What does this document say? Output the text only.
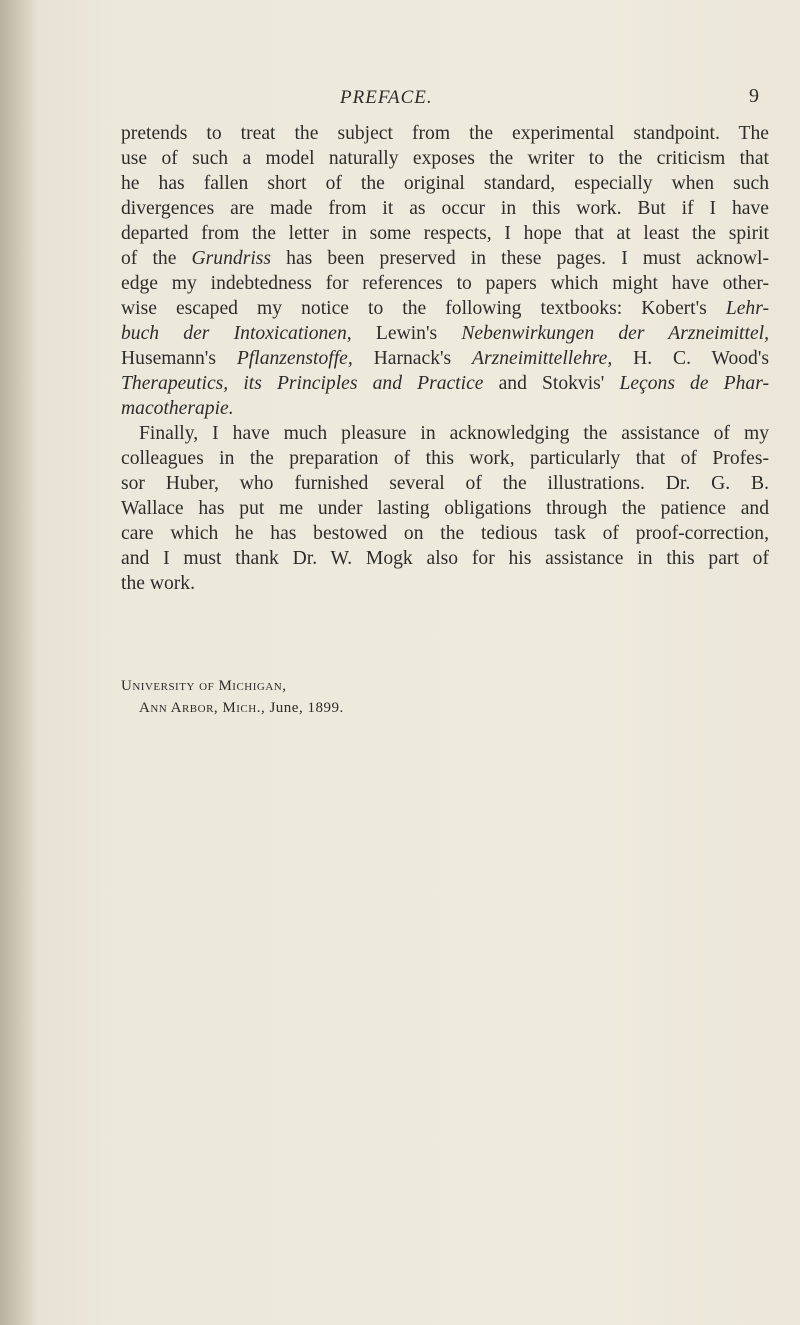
PREFACE.	9
pretends to treat the subject from the experimental standpoint. The
use of such a model naturally exposes the writer to the criticism that
he has fallen short of the original standard, especially when such
divergences are made from it as occur in this work. But if I have
departed from the letter in some respects, I hope that at least the spirit
of the Grundriss has been preserved in these pages. I must acknowl-
edge my indebtedness for references to papers which might have other-
wise escaped my notice to the following textbooks: Kobert's Lehr-
buch der Intoxicationen, Lewin's Nebenwirkungen der Arzneimittel,
Husemann's Pflanzenstoffe, Harnack's Arzneimittellehre, H. C. Wood's
Therapeutics, its Principles and Practice and Stokvis' Leçons de Phar-
macotherapie.
Finally, I have much pleasure in acknowledging the assistance of my
colleagues in the preparation of this work, particularly that of Profes-
sor Huber, who furnished several of the illustrations. Dr. G. B.
Wallace has put me under lasting obligations through the patience and
care which he has bestowed on the tedious task of proof-correction,
and I must thank Dr. W. Mogk also for his assistance in this part of
the work.
University of Michigan,
Ann Arbor, Mich., June, 1899.
